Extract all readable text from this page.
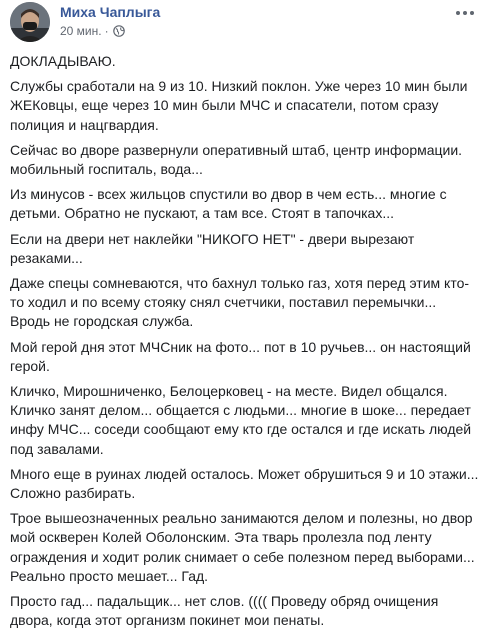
Миха Чаплыга
20 мин. ·

ДОКЛАДЫВАЮ.

Службы сработали на 9 из 10. Низкий поклон. Уже через 10 мин были ЖЕКовцы, еще через 10 мин были МЧС и спасатели, потом сразу полиция и нацгвардия.

Сейчас во дворе развернули оперативный штаб, центр информации. мобильный госпиталь, вода...

Из минусов - всех жильцов спустили во двор в чем есть... многие с детьми. Обратно не пускают, а там все. Стоят в тапочках...

Если на двери нет наклейки "НИКОГО НЕТ" - двери вырезают резаками...

Даже спецы сомневаются, что бахнул только газ, хотя перед этим кто-то ходил и по всему стояку снял счетчики, поставил перемычки... Вродь не городская служба.

Мой герой дня этот МЧСник на фото... пот в 10 ручьев... он настоящий герой.

Кличко, Мирошниченко, Белоцерковец - на месте. Видел общался. Кличко занят делом... общается с людьми... многие в шоке... передает инфу МЧС... соседи сообщают ему кто где остался и где искать людей под завалами.

Много еще в руинах людей осталось. Может обрушиться 9 и 10 этажи... Сложно разбирать.

Трое вышеозначенных реально занимаются делом и полезны, но двор мой оскверен Колей Оболонским. Эта тварь пролезла под ленту ограждения и ходит ролик снимает о себе полезном перед выборами... Реально просто мешает... Гад.

Просто гад... падальщик... нет слов. (((( Проведу обряд очищения двора, когда этот организм покинет мои пенаты.
